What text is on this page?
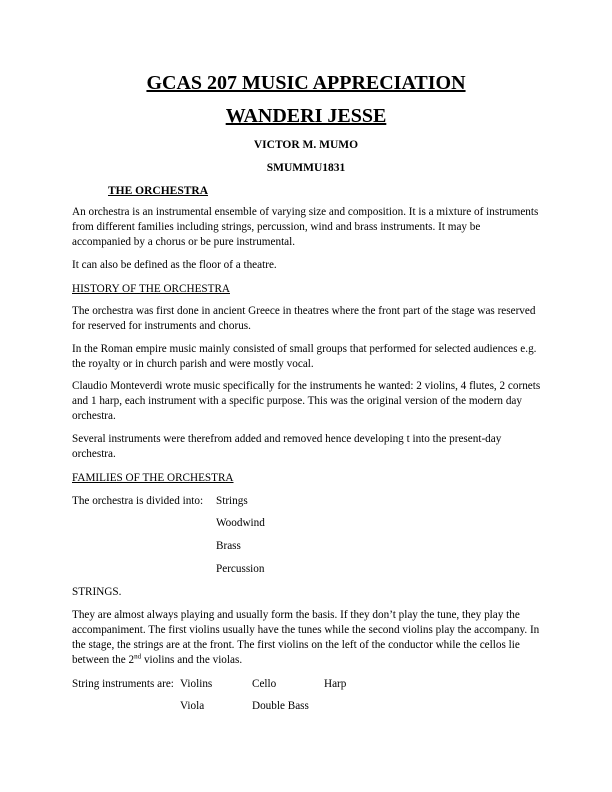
GCAS 207 MUSIC APPRECIATION
WANDERI JESSE
VICTOR M. MUMO
SMUMMU1831
THE ORCHESTRA
An orchestra is an instrumental ensemble of varying size and composition. It is a mixture of instruments from different families including strings, percussion, wind and brass instruments. It may be accompanied by a chorus or be pure instrumental.
It can also be defined as the floor of a theatre.
HISTORY OF THE ORCHESTRA
The orchestra was first done in ancient Greece in theatres where the front part of the stage was reserved for reserved for instruments and chorus.
In the Roman empire music mainly consisted of small groups that performed for selected audiences e.g. the royalty or in church parish and were mostly vocal.
Claudio Monteverdi wrote music specifically for the instruments he wanted: 2 violins, 4 flutes, 2 cornets and 1 harp, each instrument with a specific purpose. This was the original version of the modern day orchestra.
Several instruments were therefrom added and removed hence developing t into the present-day orchestra.
FAMILIES OF THE ORCHESTRA
The orchestra is divided into: Strings
Woodwind
Brass
Percussion
STRINGS.
They are almost always playing and usually form the basis. If they don’t play the tune, they play the accompaniment. The first violins usually have the tunes while the second violins play the accompany. In the stage, the strings are at the front. The first violins on the left of the conductor while the cellos lie between the 2nd violins and the violas.
String instruments are: Violins	Cello	Harp
Viola	Double Bass
